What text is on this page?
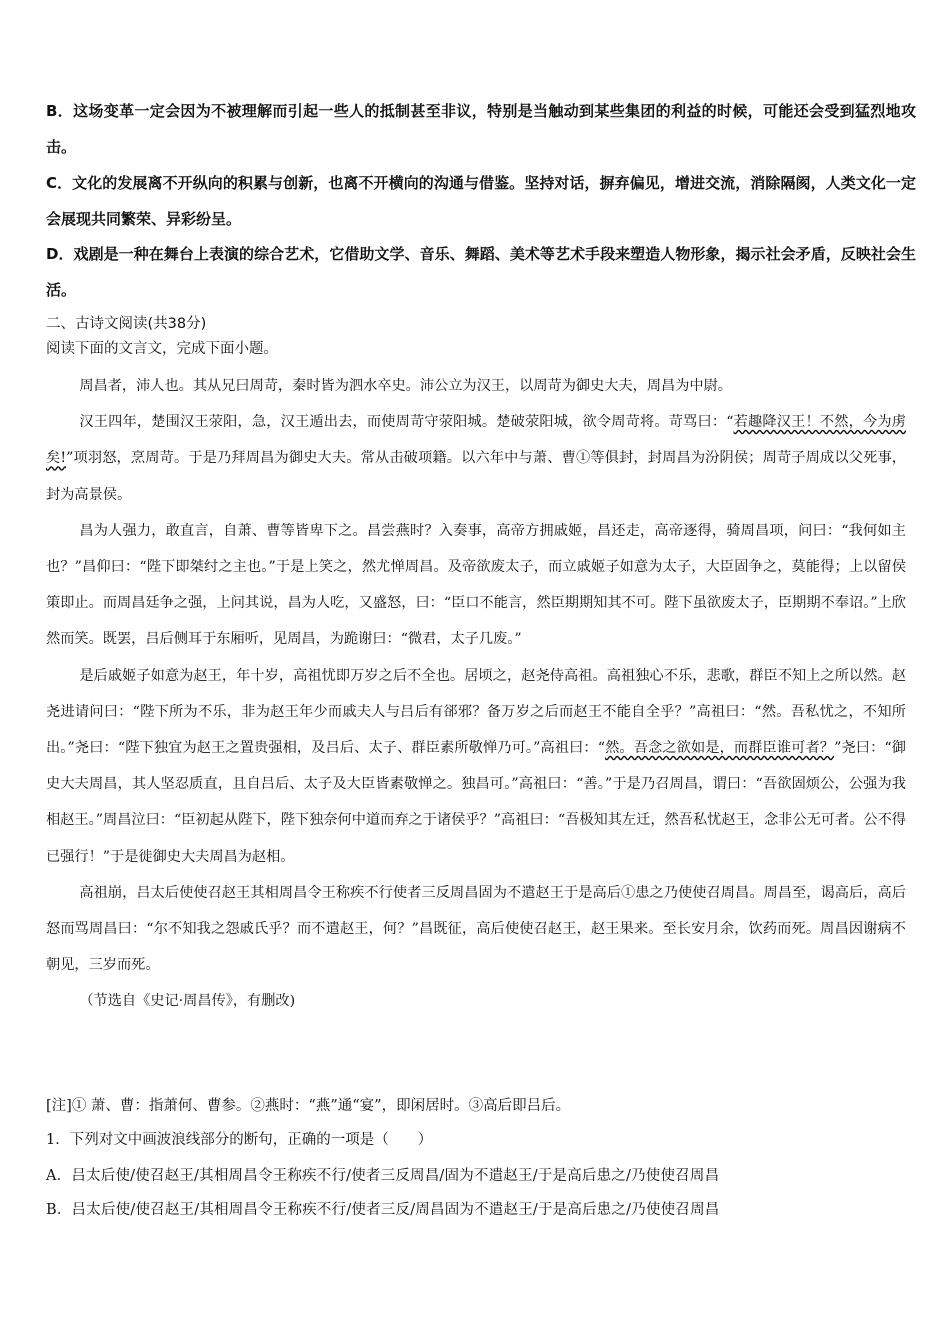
B．这场变革一定会因为不被理解而引起一些人的抵制甚至非议，特别是当触动到某些集团的利益的时候，可能还会受到猛烈地攻击。
C．文化的发展离不开纵向的积累与创新，也离不开横向的沟通与借鉴。坚持对话，摒弃偏见，增进交流，消除隔阂，人类文化一定会展现共同繁荣、异彩纷呈。
D．戏剧是一种在舞台上表演的综合艺术，它借助文学、音乐、舞蹈、美术等艺术手段来塑造人物形象，揭示社会矛盾，反映社会生活。
二、古诗文阅读(共38分)
阅读下面的文言文，完成下面小题。

周昌者，沛人也。其从兄曰周苛，秦时皆为泗水卒史。沛公立为汉王，以周苛为御史大夫，周昌为中尉。

汉王四年，楚围汉王荥阳，急，汉王遁出去，而使周苛守荥阳城。楚破荥阳城，欲令周苛将。苛骂曰：“若趣降汉王！不然，今为虏矣!”项羽怒，烹周苛。于是乃拜周昌为御史大夫。常从击破项籍。以六年中与萧、曹①等俱封，封周昌为汾阴侯；周苛子周成以父死事，封为高景侯。

昌为人强力，敢直言，自萧、曹等皆卑下之。昌尝燕时？入奏事，高帝方拥戚姬，昌还走，高帝逐得，骑周昌项，问曰：“我何如主也？”昌仰曰：“陛下即桀纣之主也。”于是上笑之，然尤惮周昌。及帝欲废太子，而立戚姬子如意为太子，大臣固争之，莫能得；上以留侯策即止。而周昌廷争之强，上问其说，昌为人吃，又盛怒，曰：“臣口不能言，然臣期期知其不可。陛下虽欲废太子，臣期期不奉诏。”上欣然而笑。既罢，吕后侧耳于东厢听，见周昌，为跪谢曰：“微君，太子几废。”

是后戚姬子如意为赵王，年十岁，高祖忧即万岁之后不全也。居顷之，赵尧侍高祖。高祖独心不乐，悲歌，群臣不知上之所以然。赵尧进请问曰：“陛下所为不乐，非为赵王年少而戚夫人与吕后有郤邪？备万岁之后而赵王不能自全乎？”高祖曰：“然。吾私忧之，不知所出。”尧曰：“陛下独宜为赵王之置贵强相，及吕后、太子、群臣素所敬惮乃可。”高祖曰：“然。吾念之欲如是，而群臣谁可者？”尧曰：“御史大夫周昌，其人坚忍质直，且自吕后、太子及大臣皆素敬惮之。独昌可。”高祖曰：“善。”于是乃召周昌，谓曰：“吾欲固烦公，公强为我相赵王。”周昌泣曰：“臣初起从陛下，陛下独奈何中道而弃之于诸侯乎？”高祖曰：“吾极知其左迁，然吾私忧赵王，念非公无可者。公不得已强行！”于是徙御史大夫周昌为赵相。

高祖崩，吕太后使使召赵王其相周昌令王称疾不行使者三反周昌固为不遣赵王于是高后①患之乃使使召周昌。周昌至，谒高后，高后怒而骂周昌曰：“尔不知我之怨戚氏乎？而不遣赵王，何？”昌既征，高后使使召赵王，赵王果来。至长安月余，饮药而死。周昌因谢病不朝见，三岁而死。

（节选自《史记·周昌传》，有删改)

[注]① 萧、曹：指萧何、曹参。②燕时：“燕”通“宴”，即闲居时。③高后即吕后。
1．下列对文中画波浪线部分的断句，正确的一项是（　　）
A．吕太后使/使召赵王/其相周昌令王称疾不行/使者三反周昌/固为不遣赵王/于是高后患之/乃使使召周昌
B．吕太后使/使召赵王/其相周昌令王称疾不行/使者三反/周昌固为不遣赵王/于是高后患之/乃使使召周昌
